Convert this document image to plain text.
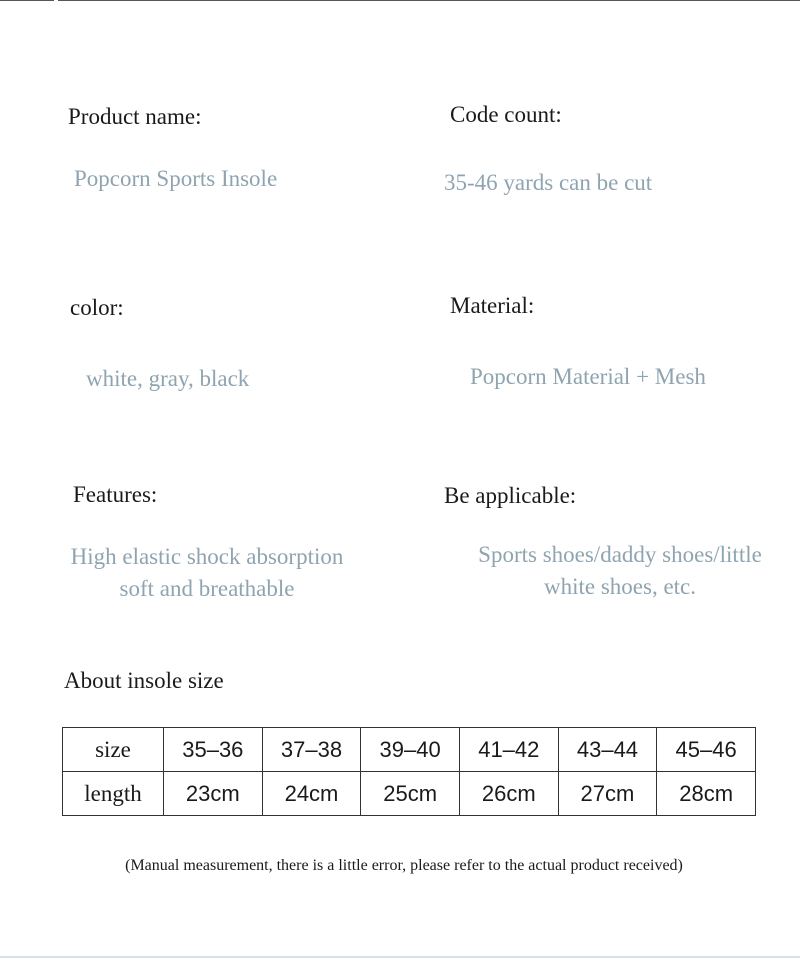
Product name:

Popcorn Sports Insole

Code count:

35-46 yards can be cut

color:

white, gray, black

Material:

Popcorn Material + Mesh

Features:

High elastic shock absorption
soft and breathable

Be applicable:

Sports shoes/daddy shoes/little
white shoes, etc.

About insole size

size	35–36	37–38	39–40	41–42	43–44	45–46
length	23cm	24cm	25cm	26cm	27cm	28cm

(Manual measurement, there is a little error, please refer to the actual product received)
